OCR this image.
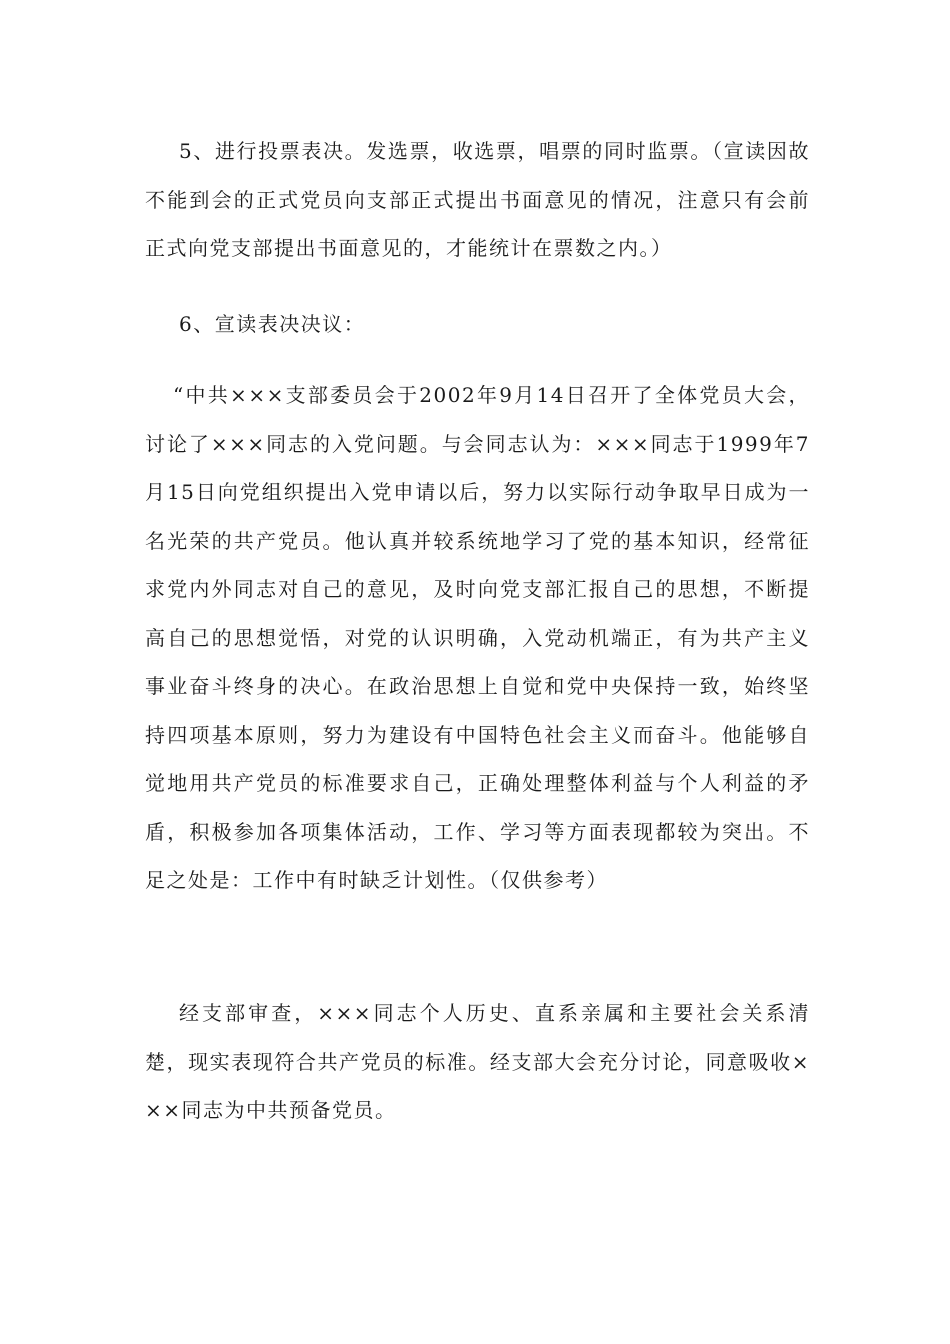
5、进行投票表决。发选票，收选票，唱票的同时监票。（宣读因故不能到会的正式党员向支部正式提出书面意见的情况，注意只有会前正式向党支部提出书面意见的，才能统计在票数之内。）

6、宣读表决决议：

“中共×××支部委员会于2002年9月14日召开了全体党员大会，讨论了×××同志的入党问题。与会同志认为：×××同志于1999年7月15日向党组织提出入党申请以后，努力以实际行动争取早日成为一名光荣的共产党员。他认真并较系统地学习了党的基本知识，经常征求党内外同志对自己的意见，及时向党支部汇报自己的思想，不断提高自己的思想觉悟，对党的认识明确，入党动机端正，有为共产主义事业奋斗终身的决心。在政治思想上自觉和党中央保持一致，始终坚持四项基本原则，努力为建设有中国特色社会主义而奋斗。他能够自觉地用共产党员的标准要求自己，正确处理整体利益与个人利益的矛盾，积极参加各项集体活动，工作、学习等方面表现都较为突出。不足之处是：工作中有时缺乏计划性。（仅供参考）

经支部审查，×××同志个人历史、直系亲属和主要社会关系清楚，现实表现符合共产党员的标准。经支部大会充分讨论，同意吸收×××同志为中共预备党员。
